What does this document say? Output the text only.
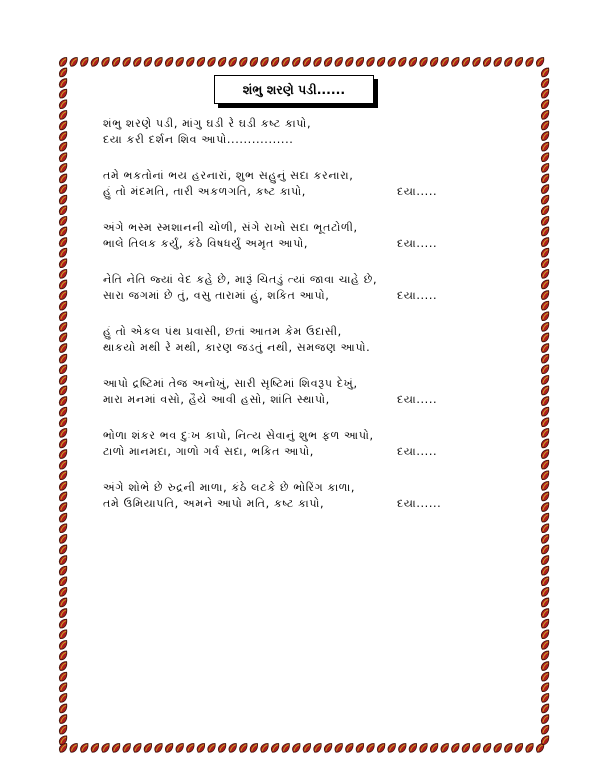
શંભુ શરણે પડી......
શંભુ શરણે પડી, માંગુ ઘડી રે ઘડી કષ્ટ કાપો,
દયા કરી દર્શન શિવ આપો................
તમે ભકતોનાં ભય હરનારાં, શુભ સહુનું સદા કરનારા,
હું તો મંદમતિ, તારી અકળગતિ, કષ્ટ કાપો,	દયા.....
અંગે ભસ્મ સ્મશાનની ચોળી, સંગે રાખો સદા ભૂતટોળી,
ભાલે તિલક કર્યું, કંઠે વિષધર્યું અમૃત આપો,	દયા.....
નેતિ નેતિ જ્યાં વેદ કહે છે, મારૂં ચિતડું ત્યાં જાવા ચાહે છે,
સારા જગમાં છે તું, વસુ તારામાં હું, શકિત આપો,	દયા.....
હું તો એકલ પંથ પ્રવાસી, છતાં આતમ કેમ ઉદાસી,
થાકયો મથી રે મથી, કારણ જડતું નથી, સમજણ આપો.
આપો દ્રષ્ટિમાં તેજ અનોખું, સારી સૃષ્ટિમાં શિવરૂપ દેખું,
મારા મનમાં વસો, હૈયે આવી હસો, શાંતિ સ્થાપો,	દયા.....
ભોળા શંકર ભવ દુઃખ કાપો, નિત્ય સેવાનું શુભ ફળ આપો,
ટાળો માનમદા, ગાળો ગર્વ સદા, ભકિત આપો,	દયા.....
અંગે શોભે છે રુદ્રની માળા, કંઠે લટકે છે ભોરિંગ કાળા,
તમે ઉમિયાપતિ, અમને આપો મતિ, કષ્ટ કાપો,	દયા......
